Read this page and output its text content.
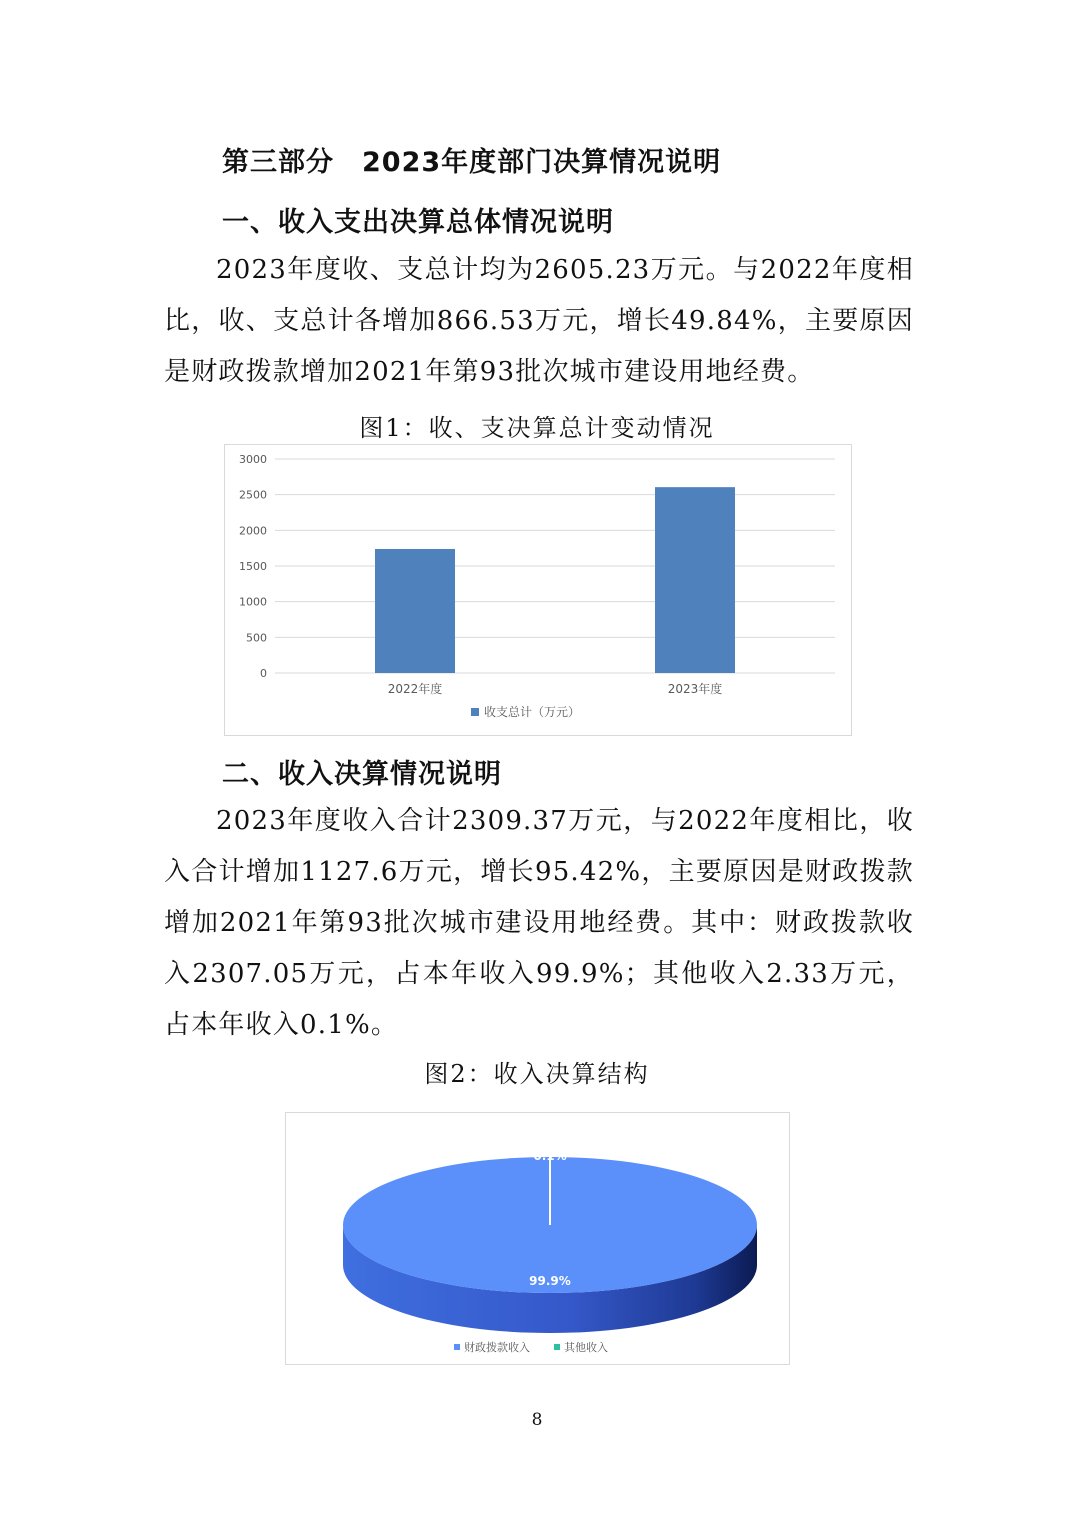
第三部分　2023年度部门决算情况说明
一、收入支出决算总体情况说明

2023年度收、支总计均为2605.23万元。与2022年度相比，收、支总计各增加866.53万元，增长49.84%，主要原因是财政拨款增加2021年第93批次城市建设用地经费。

图1：收、支决算总计变动情况
0
500
1000
1500
2000
2500
3000
2022年度	2023年度
收支总计（万元）
二、收入决算情况说明

2023年度收入合计2309.37万元，与2022年度相比，收入合计增加1127.6万元，增长95.42%，主要原因是财政拨款增加2021年第93批次城市建设用地经费。其中：财政拨款收入2307.05万元，占本年收入99.9%；其他收入2.33万元，占本年收入0.1%。

图2：收入决算结构
99.9%
0.1%
财政拨款收入	其他收入
8
